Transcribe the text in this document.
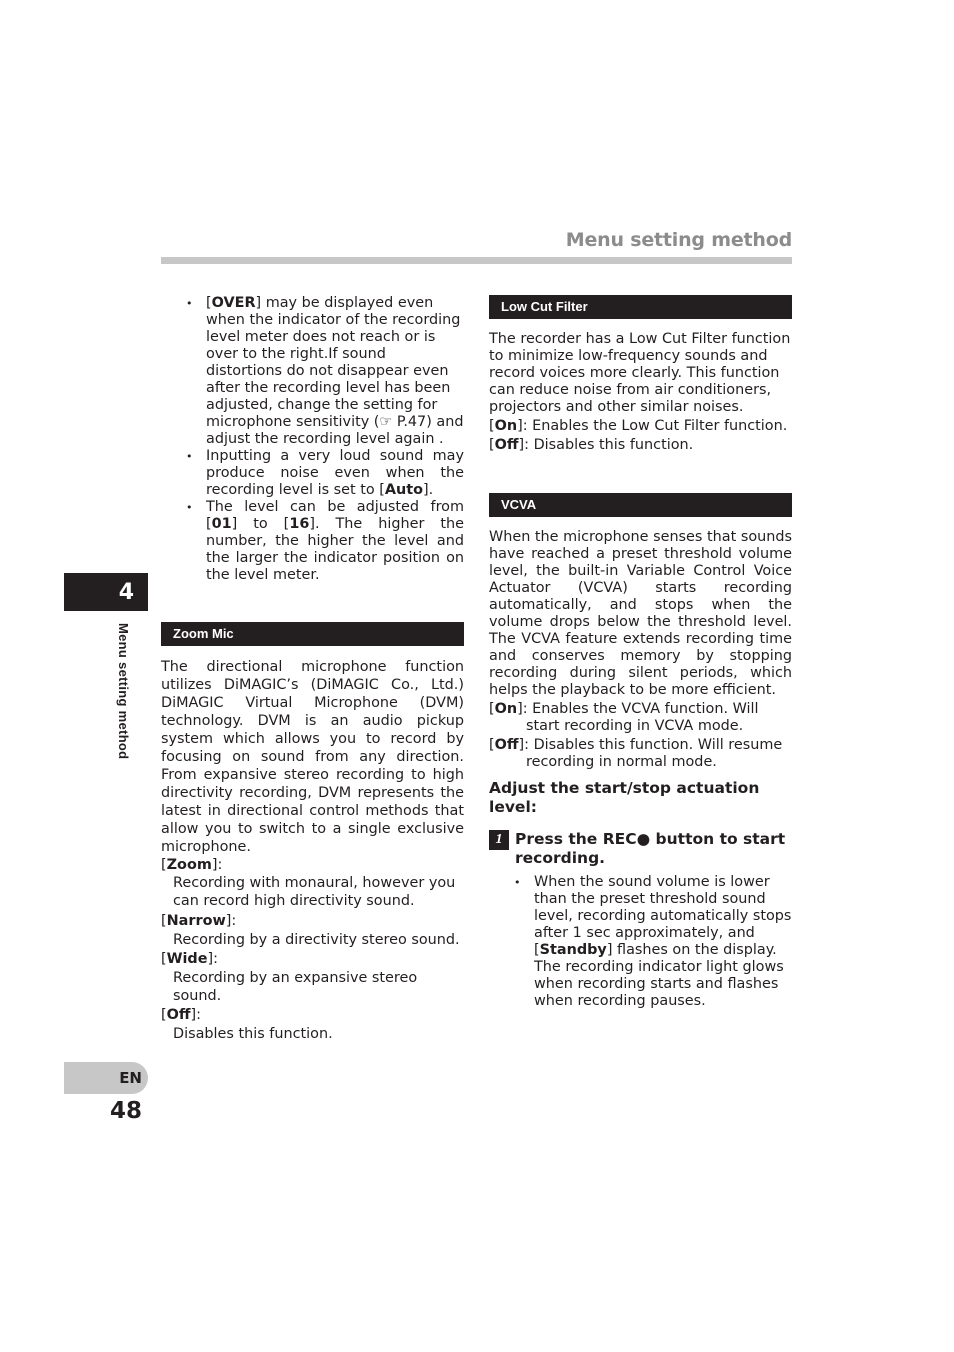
Menu setting method
4
Menu setting method
EN
48
• [OVER] may be displayed even when the indicator of the recording level meter does not reach or is over to the right.If sound distortions do not disappear even after the recording level has been adjusted, change the setting for microphone sensitivity (☞ P.47) and adjust the recording level again .
• Inputting a very loud sound may produce noise even when the recording level is set to [Auto].
• The level can be adjusted from [01] to [16]. The higher the number, the higher the level and the larger the indicator position on the level meter.
Zoom Mic

The directional microphone function utilizes DiMAGIC’s (DiMAGIC Co., Ltd.) DiMAGIC Virtual Microphone (DVM) technology. DVM is an audio pickup system which allows you to record by focusing on sound from any direction. From expansive stereo recording to high directivity recording, DVM represents the latest in directional control methods that allow you to switch to a single exclusive microphone.

[Zoom]:

Recording with monaural, however you can record high directivity sound.

[Narrow]:

Recording by a directivity stereo sound.

[Wide]:

Recording by an expansive stereo sound.

[Off]:

Disables this function.

Low Cut Filter

The recorder has a Low Cut Filter function to minimize low-frequency sounds and record voices more clearly. This function can reduce noise from air conditioners, projectors and other similar noises.

[On]: Enables the Low Cut Filter function.

[Off]: Disables this function.

VCVA

When the microphone senses that sounds have reached a preset threshold volume level, the built-in Variable Control Voice Actuator (VCVA) starts recording automatically, and stops when the volume drops below the threshold level. The VCVA feature extends recording time and conserves memory by stopping recording during silent periods, which helps the playback to be more efficient.

[On]: Enables the VCVA function. Will start recording in VCVA mode.

[Off]: Disables this function. Will resume recording in normal mode.

Adjust the start/stop actuation level:
1 Press the REC● button to start recording.
• When the sound volume is lower than the preset threshold sound level, recording automatically stops after 1 sec approximately, and [Standby] flashes on the display. The recording indicator light glows when recording starts and flashes when recording pauses.
